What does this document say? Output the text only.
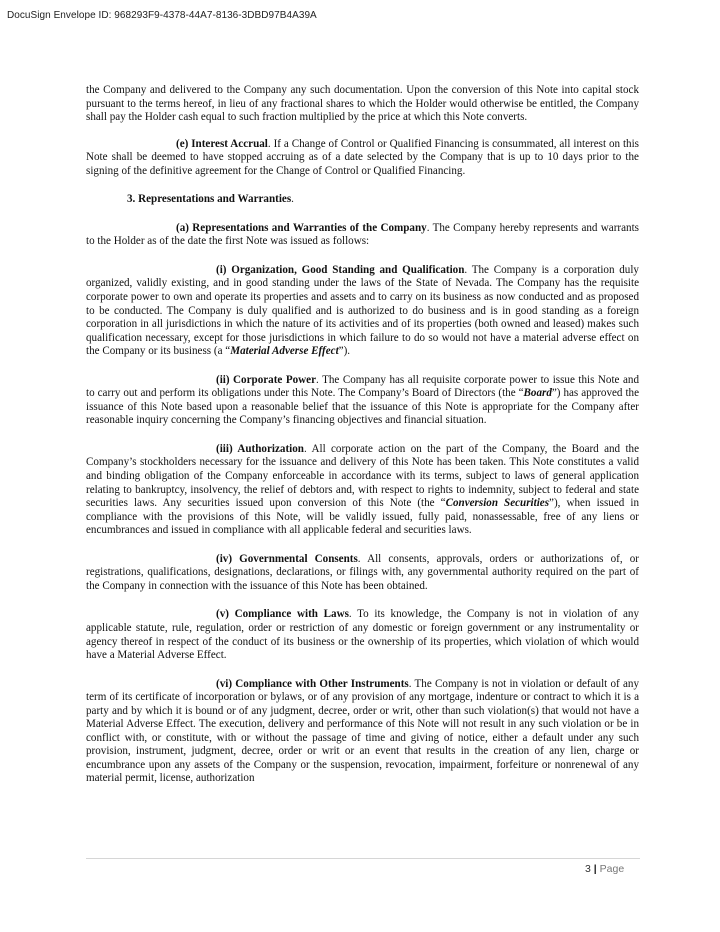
DocuSign Envelope ID: 968293F9-4378-44A7-8136-3DBD97B4A39A

the Company and delivered to the Company any such documentation. Upon the conversion of this Note into capital stock pursuant to the terms hereof, in lieu of any fractional shares to which the Holder would otherwise be entitled, the Company shall pay the Holder cash equal to such fraction multiplied by the price at which this Note converts.

(e) Interest Accrual. If a Change of Control or Qualified Financing is consummated, all interest on this Note shall be deemed to have stopped accruing as of a date selected by the Company that is up to 10 days prior to the signing of the definitive agreement for the Change of Control or Qualified Financing.

3. Representations and Warranties.

(a) Representations and Warranties of the Company. The Company hereby represents and warrants to the Holder as of the date the first Note was issued as follows:

(i) Organization, Good Standing and Qualification. The Company is a corporation duly organized, validly existing, and in good standing under the laws of the State of Nevada. The Company has the requisite corporate power to own and operate its properties and assets and to carry on its business as now conducted and as proposed to be conducted. The Company is duly qualified and is authorized to do business and is in good standing as a foreign corporation in all jurisdictions in which the nature of its activities and of its properties (both owned and leased) makes such qualification necessary, except for those jurisdictions in which failure to do so would not have a material adverse effect on the Company or its business (a “Material Adverse Effect”).

(ii) Corporate Power. The Company has all requisite corporate power to issue this Note and to carry out and perform its obligations under this Note. The Company’s Board of Directors (the “Board”) has approved the issuance of this Note based upon a reasonable belief that the issuance of this Note is appropriate for the Company after reasonable inquiry concerning the Company’s financing objectives and financial situation.

(iii) Authorization. All corporate action on the part of the Company, the Board and the Company’s stockholders necessary for the issuance and delivery of this Note has been taken. This Note constitutes a valid and binding obligation of the Company enforceable in accordance with its terms, subject to laws of general application relating to bankruptcy, insolvency, the relief of debtors and, with respect to rights to indemnity, subject to federal and state securities laws. Any securities issued upon conversion of this Note (the “Conversion Securities”), when issued in compliance with the provisions of this Note, will be validly issued, fully paid, nonassessable, free of any liens or encumbrances and issued in compliance with all applicable federal and securities laws.

(iv) Governmental Consents. All consents, approvals, orders or authorizations of, or registrations, qualifications, designations, declarations, or filings with, any governmental authority required on the part of the Company in connection with the issuance of this Note has been obtained.

(v) Compliance with Laws. To its knowledge, the Company is not in violation of any applicable statute, rule, regulation, order or restriction of any domestic or foreign government or any instrumentality or agency thereof in respect of the conduct of its business or the ownership of its properties, which violation of which would have a Material Adverse Effect.

(vi) Compliance with Other Instruments. The Company is not in violation or default of any term of its certificate of incorporation or bylaws, or of any provision of any mortgage, indenture or contract to which it is a party and by which it is bound or of any judgment, decree, order or writ, other than such violation(s) that would not have a Material Adverse Effect. The execution, delivery and performance of this Note will not result in any such violation or be in conflict with, or constitute, with or without the passage of time and giving of notice, either a default under any such provision, instrument, judgment, decree, order or writ or an event that results in the creation of any lien, charge or encumbrance upon any assets of the Company or the suspension, revocation, impairment, forfeiture or nonrenewal of any material permit, license, authorization

3 | Page
